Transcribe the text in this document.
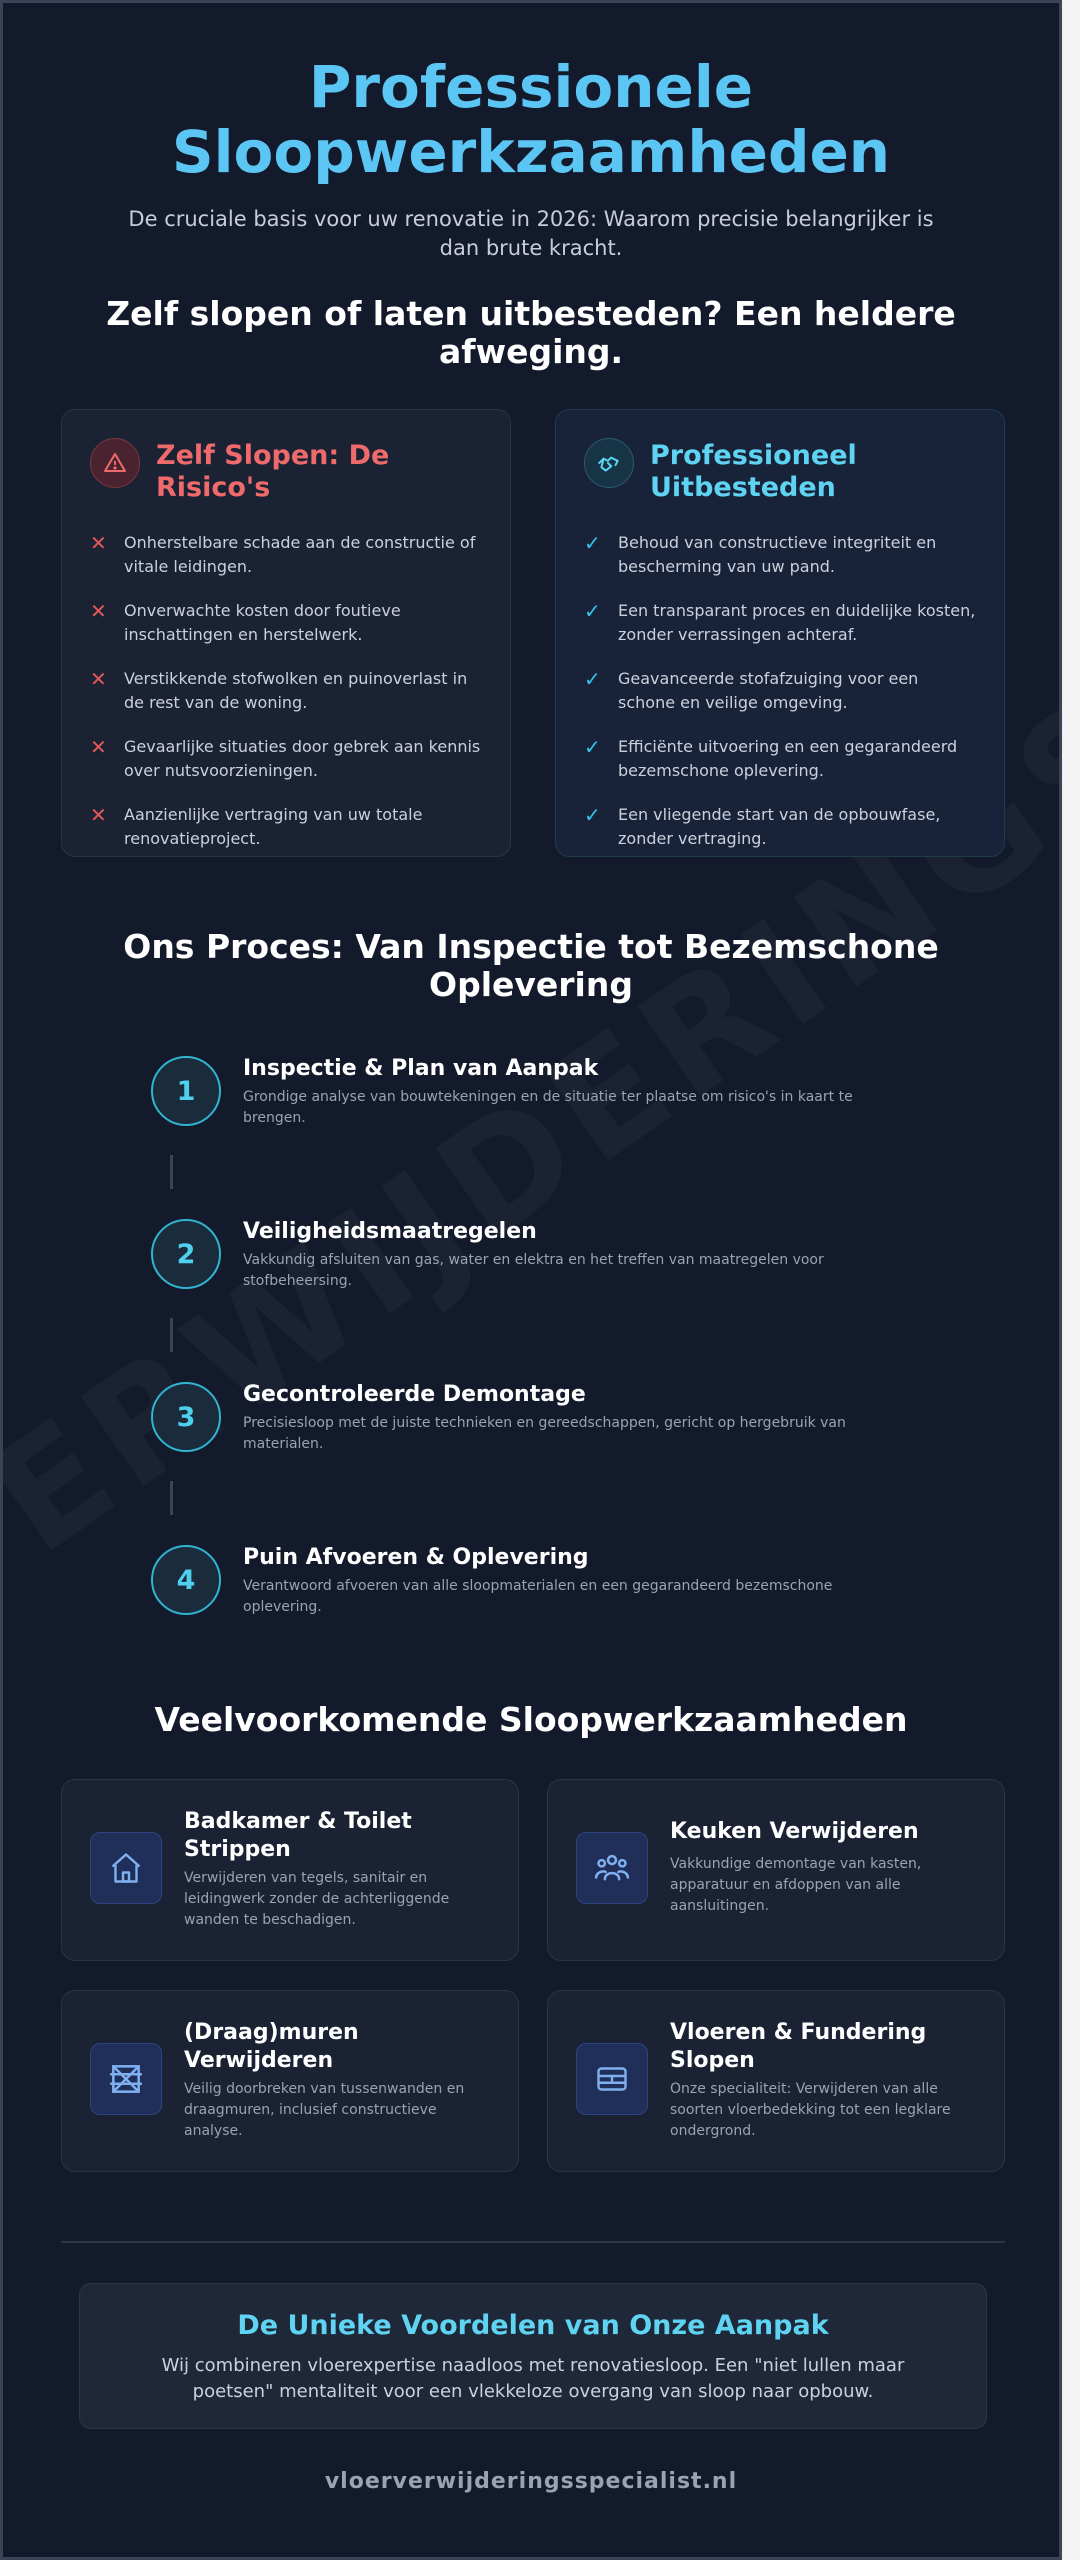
Professionele Sloopwerkzaamheden

De cruciale basis voor uw renovatie in 2026: Waarom precisie belangrijker is dan brute kracht.

Zelf slopen of laten uitbesteden? Een heldere afweging.
Zelf Slopen: De Risico's
✕ Onherstelbare schade aan de constructie of vitale leidingen.
✕ Onverwachte kosten door foutieve inschattingen en herstelwerk.
✕ Verstikkende stofwolken en puinoverlast in de rest van de woning.
✕ Gevaarlijke situaties door gebrek aan kennis over nutsvoorzieningen.
✕ Aanzienlijke vertraging van uw totale renovatieproject.
Professioneel Uitbesteden
✓ Behoud van constructieve integriteit en bescherming van uw pand.
✓ Een transparant proces en duidelijke kosten, zonder verrassingen achteraf.
✓ Geavanceerde stofafzuiging voor een schone en veilige omgeving.
✓ Efficiënte uitvoering en een gegarandeerd bezemschone oplevering.
✓ Een vliegende start van de opbouwfase, zonder vertraging.
Ons Proces: Van Inspectie tot Bezemschone Oplevering
1
Inspectie & Plan van Aanpak
Grondige analyse van bouwtekeningen en de situatie ter plaatse om risico's in kaart te brengen.
2
Veiligheidsmaatregelen
Vakkundig afsluiten van gas, water en elektra en het treffen van maatregelen voor stofbeheersing.
3
Gecontroleerde Demontage
Precisiesloop met de juiste technieken en gereedschappen, gericht op hergebruik van materialen.
4
Puin Afvoeren & Oplevering
Verantwoord afvoeren van alle sloopmaterialen en een gegarandeerd bezemschone oplevering.
Veelvoorkomende Sloopwerkzaamheden
Badkamer & Toilet Strippen
Verwijderen van tegels, sanitair en leidingwerk zonder de achterliggende wanden te beschadigen.
Keuken Verwijderen
Vakkundige demontage van kasten, apparatuur en afdoppen van alle aansluitingen.
(Draag)muren Verwijderen
Veilig doorbreken van tussenwanden en draagmuren, inclusief constructieve analyse.
Vloeren & Fundering Slopen
Onze specialiteit: Verwijderen van alle soorten vloerbedekking tot een legklare ondergrond.
De Unieke Voordelen van Onze Aanpak

Wij combineren vloerexpertise naadloos met renovatiesloop. Een "niet lullen maar poetsen" mentaliteit voor een vlekkeloze overgang van sloop naar opbouw.

vloerverwijderingsspecialist.nl
